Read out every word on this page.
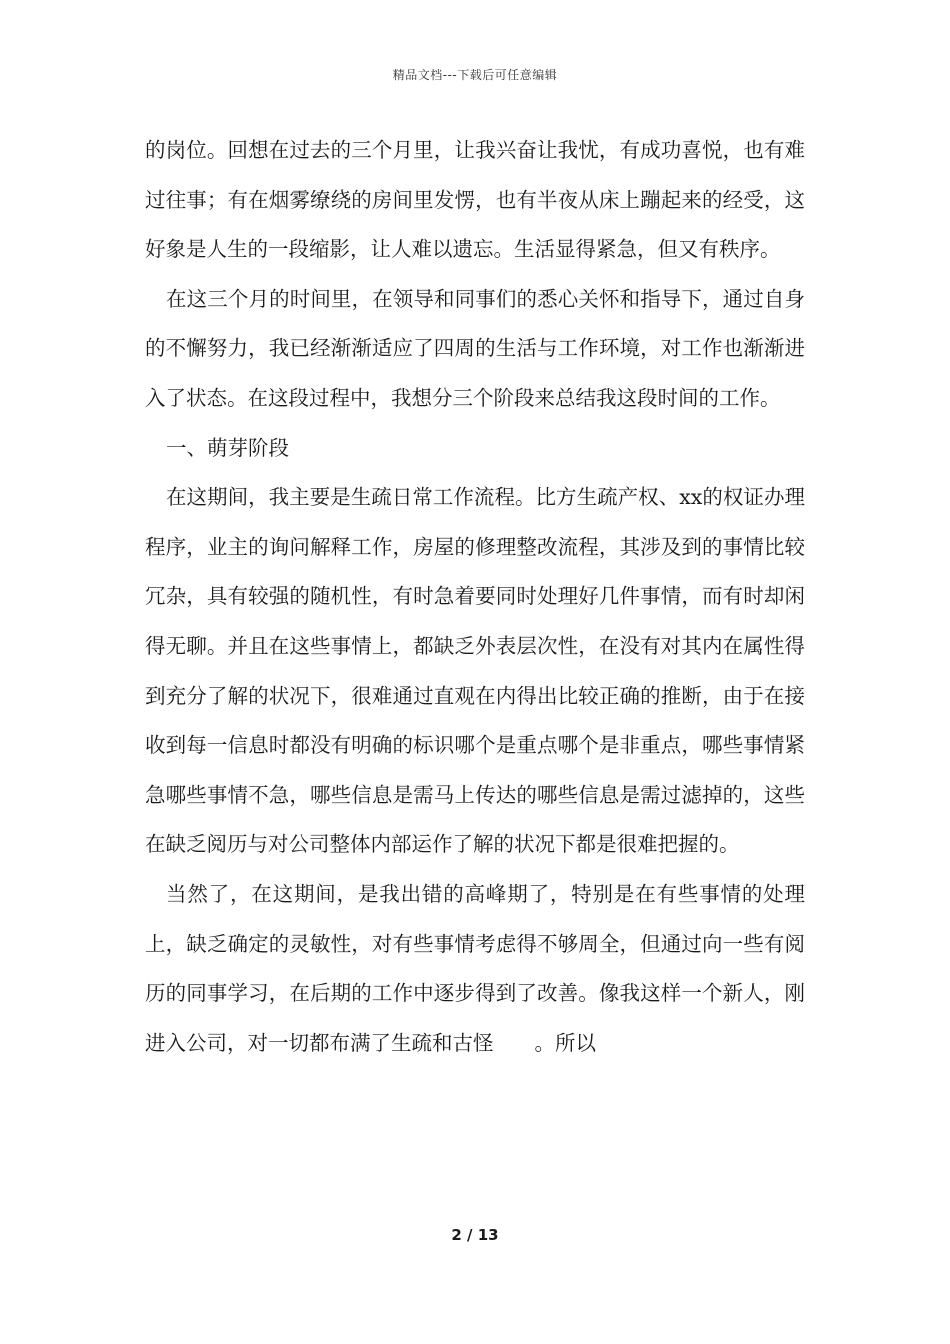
精品文档---下载后可任意编辑

的岗位。回想在过去的三个月里，让我兴奋让我忧，有成功喜悦，也有难过往事；有在烟雾缭绕的房间里发愣，也有半夜从床上蹦起来的经受，这好象是人生的一段缩影，让人难以遗忘。生活显得紧急，但又有秩序。

在这三个月的时间里，在领导和同事们的悉心关怀和指导下，通过自身的不懈努力，我已经渐渐适应了四周的生活与工作环境，对工作也渐渐进入了状态。在这段过程中，我想分三个阶段来总结我这段时间的工作。

一、萌芽阶段

在这期间，我主要是生疏日常工作流程。比方生疏产权、xx的权证办理程序，业主的询问解释工作，房屋的修理整改流程，其涉及到的事情比较冗杂，具有较强的随机性，有时急着要同时处理好几件事情，而有时却闲得无聊。并且在这些事情上，都缺乏外表层次性，在没有对其内在属性得到充分了解的状况下，很难通过直观在内得出比较正确的推断，由于在接收到每一信息时都没有明确的标识哪个是重点哪个是非重点，哪些事情紧急哪些事情不急，哪些信息是需马上传达的哪些信息是需过滤掉的，这些在缺乏阅历与对公司整体内部运作了解的状况下都是很难把握的。

当然了，在这期间，是我出错的高峰期了，特别是在有些事情的处理上，缺乏确定的灵敏性，对有些事情考虑得不够周全，但通过向一些有阅历的同事学习，在后期的工作中逐步得到了改善。像我这样一个新人，刚进入公司，对一切都布满了生疏和古怪　　。所以

2 / 13
